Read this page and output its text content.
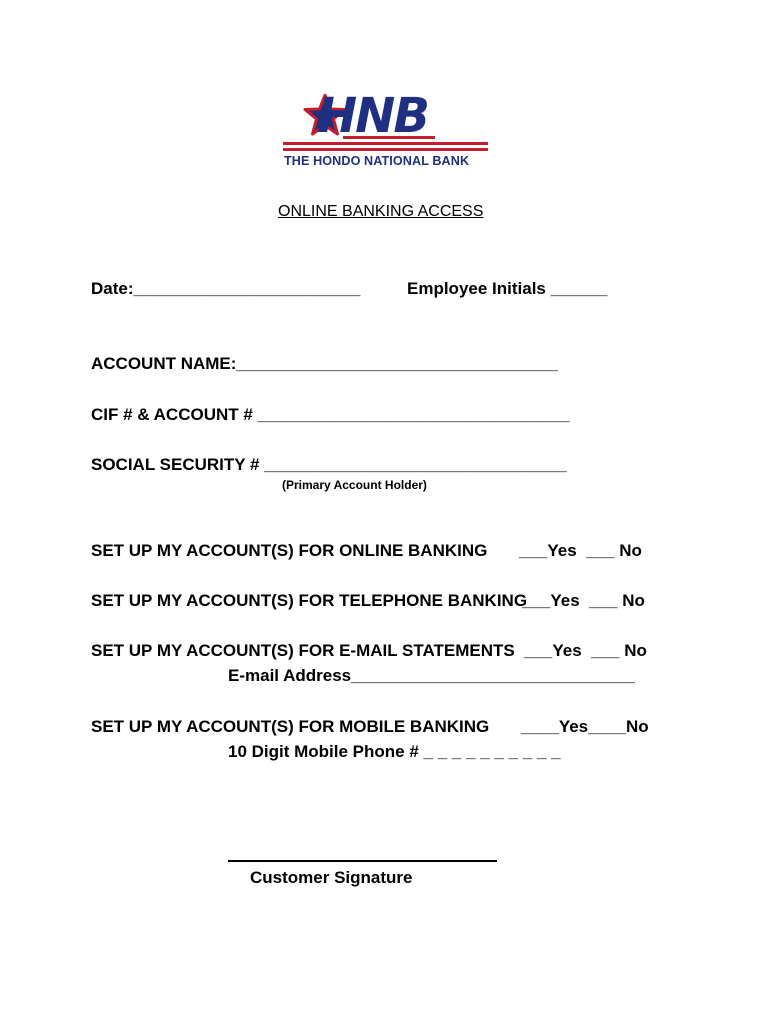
HNB
THE HONDO NATIONAL BANK
ONLINE BANKING ACCESS
Date:________________________	Employee Initials ______
ACCOUNT NAME:__________________________________
CIF # & ACCOUNT # _________________________________
SOCIAL SECURITY # ________________________________
(Primary Account Holder)
SET UP MY ACCOUNT(S) FOR ONLINE BANKING ___Yes  ___ No
SET UP MY ACCOUNT(S) FOR TELEPHONE BANKING
___Yes  ___ No
SET UP MY ACCOUNT(S) FOR E-MAIL STATEMENTS ___Yes  ___ No
E-mail Address______________________________
SET UP MY ACCOUNT(S) FOR MOBILE BANKING ____Yes____No
10 Digit Mobile Phone # _ _ _ _ _ _ _ _ _ _
Customer Signature
